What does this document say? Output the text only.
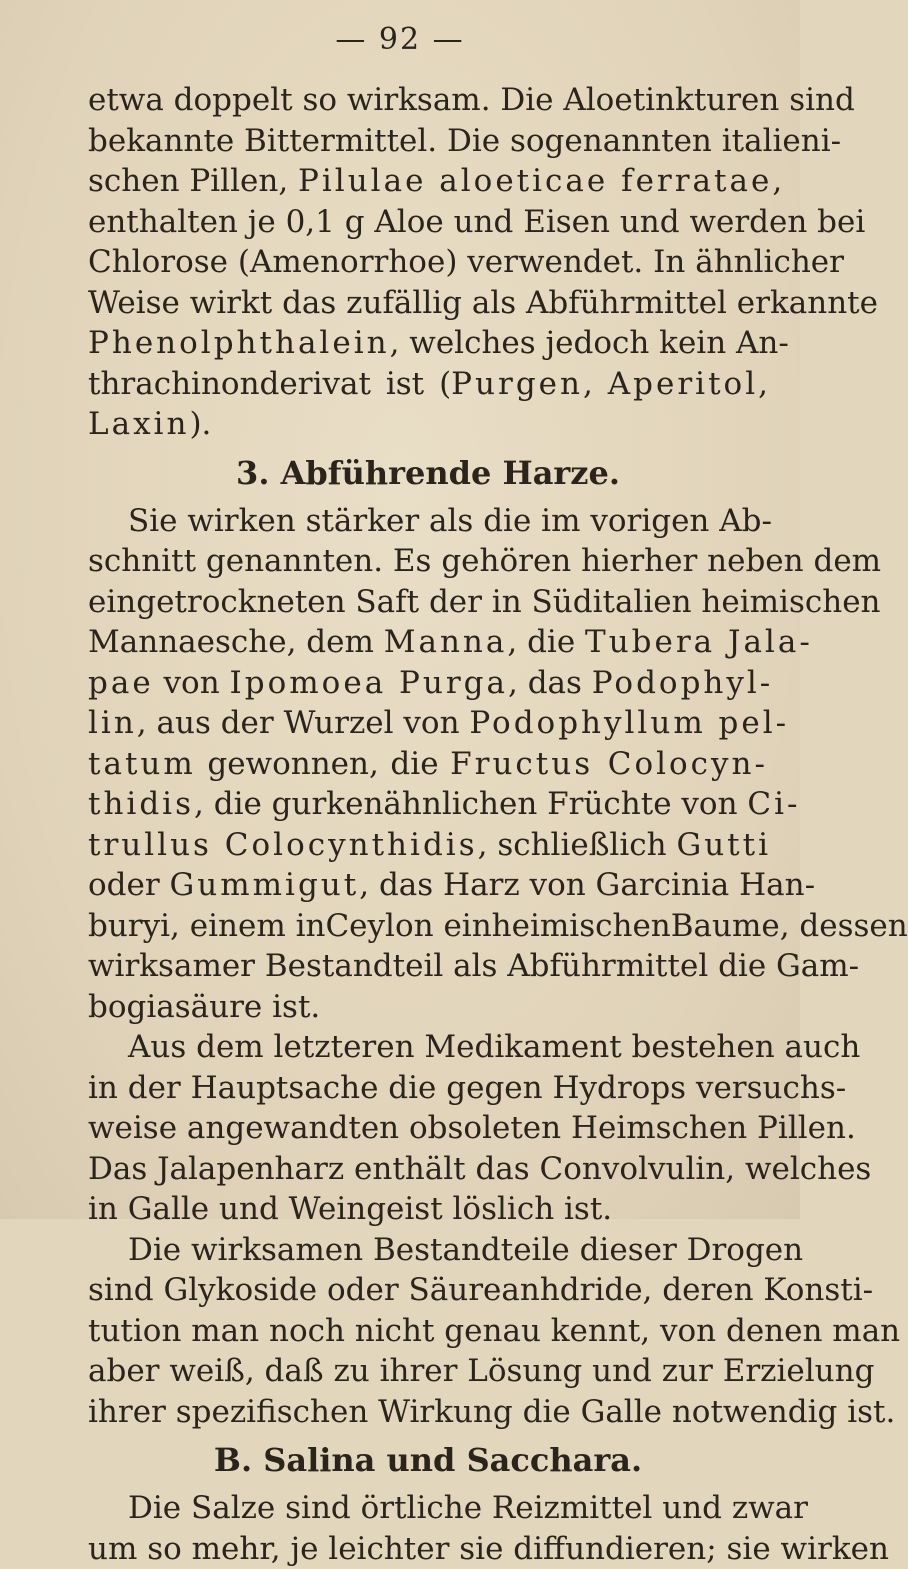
— 92 —
etwa doppelt so wirksam. Die Aloetinkturen sind
bekannte Bittermittel. Die sogenannten italieni-
schen Pillen, Pilulae aloeticae ferratae,
enthalten je 0,1 g Aloe und Eisen und werden bei
Chlorose (Amenorrhoe) verwendet. In ähnlicher
Weise wirkt das zufällig als Abführmittel erkannte
Phenolphthalein, welches jedoch kein An-
thrachinonderivat ist (Purgen, Aperitol,
Laxin).
3. Abführende Harze.
Sie wirken stärker als die im vorigen Ab-
schnitt genannten. Es gehören hierher neben dem
eingetrockneten Saft der in Süditalien heimischen
Mannaesche, dem Manna, die Tubera Jala-
pae von Ipomoea Purga, das Podophyl-
lin, aus der Wurzel von Podophyllum pel-
tatum gewonnen, die Fructus Colocyn-
thidis, die gurkenähnlichen Früchte von Ci-
trullus Colocynthidis, schließlich Gutti
oder Gummigut, das Harz von Garcinia Han-
buryi, einem inCeylon einheimischenBaume, dessen
wirksamer Bestandteil als Abführmittel die Gam-
bogiasäure ist.
Aus dem letzteren Medikament bestehen auch
in der Hauptsache die gegen Hydrops versuchs-
weise angewandten obsoleten Heimschen Pillen.
Das Jalapenharz enthält das Convolvulin, welches
in Galle und Weingeist löslich ist.
Die wirksamen Bestandteile dieser Drogen
sind Glykoside oder Säureanhdride, deren Konsti-
tution man noch nicht genau kennt, von denen man
aber weiß, daß zu ihrer Lösung und zur Erzielung
ihrer spezifischen Wirkung die Galle notwendig ist.
B. Salina und Sacchara.
Die Salze sind örtliche Reizmittel und zwar
um so mehr, je leichter sie diffundieren; sie wirken
